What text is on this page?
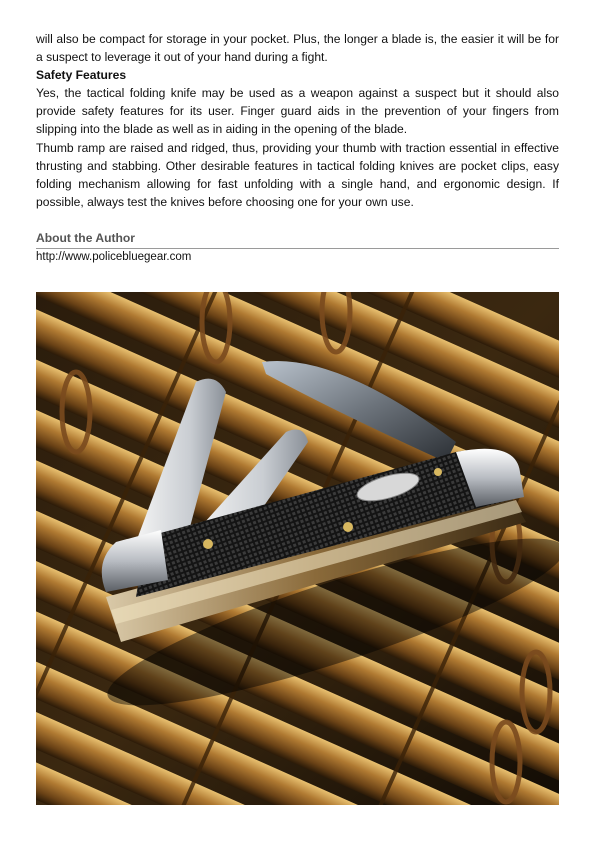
will also be compact for storage in your pocket. Plus, the longer a blade is, the easier it will be for a suspect to leverage it out of your hand during a fight.

Safety Features

Yes, the tactical folding knife may be used as a weapon against a suspect but it should also provide safety features for its user. Finger guard aids in the prevention of your fingers from slipping into the blade as well as in aiding in the opening of the blade.

Thumb ramp are raised and ridged, thus, providing your thumb with traction essential in effective thrusting and stabbing. Other desirable features in tactical folding knives are pocket clips, easy folding mechanism allowing for fast unfolding with a single hand, and ergonomic design. If possible, always test the knives before choosing one for your own use.

About the Author
http://www.policebluegear.com
